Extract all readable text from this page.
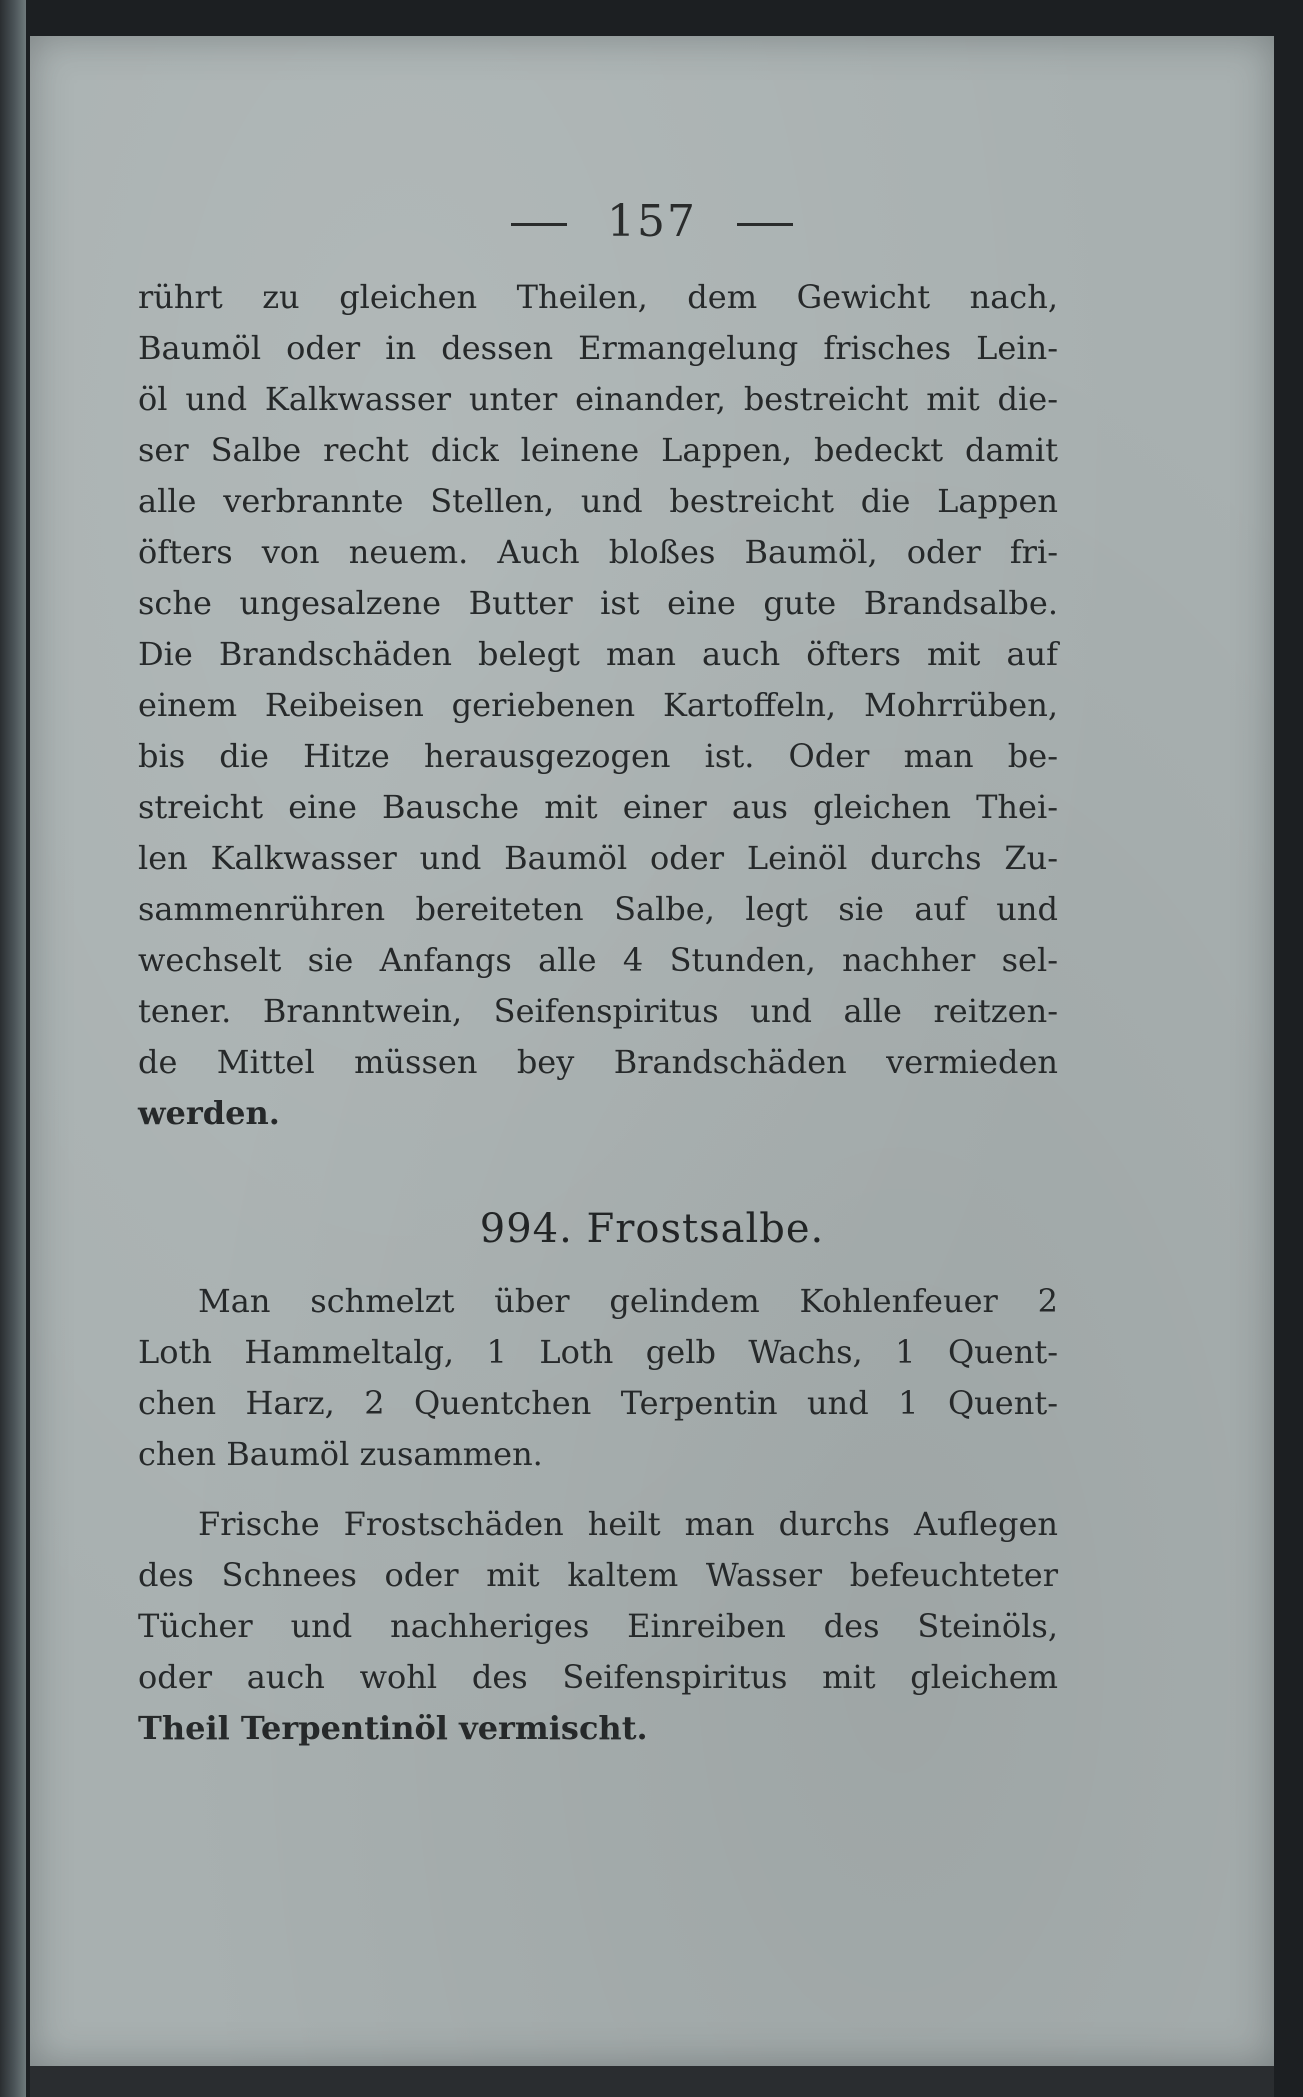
157
rührt zu gleichen Theilen, dem Gewicht nach,
Baumöl oder in dessen Ermangelung frisches Lein-
öl und Kalkwasser unter einander, bestreicht mit die-
ser Salbe recht dick leinene Lappen, bedeckt damit
alle verbrannte Stellen, und bestreicht die Lappen
öfters von neuem. Auch bloßes Baumöl, oder fri-
sche ungesalzene Butter ist eine gute Brandsalbe.
Die Brandschäden belegt man auch öfters mit auf
einem Reibeisen geriebenen Kartoffeln, Mohrrüben,
bis die Hitze herausgezogen ist. Oder man be-
streicht eine Bausche mit einer aus gleichen Thei-
len Kalkwasser und Baumöl oder Leinöl durchs Zu-
sammenrühren bereiteten Salbe, legt sie auf und
wechselt sie Anfangs alle 4 Stunden, nachher sel-
tener. Branntwein, Seifenspiritus und alle reitzen-
de Mittel müssen bey Brandschäden vermieden
werden.
994. Frostsalbe.
Man schmelzt über gelindem Kohlenfeuer 2
Loth Hammeltalg, 1 Loth gelb Wachs, 1 Quent-
chen Harz, 2 Quentchen Terpentin und 1 Quent-
chen Baumöl zusammen.
Frische Frostschäden heilt man durchs Auflegen
des Schnees oder mit kaltem Wasser befeuchteter
Tücher und nachheriges Einreiben des Steinöls,
oder auch wohl des Seifenspiritus mit gleichem
Theil Terpentinöl vermischt.
